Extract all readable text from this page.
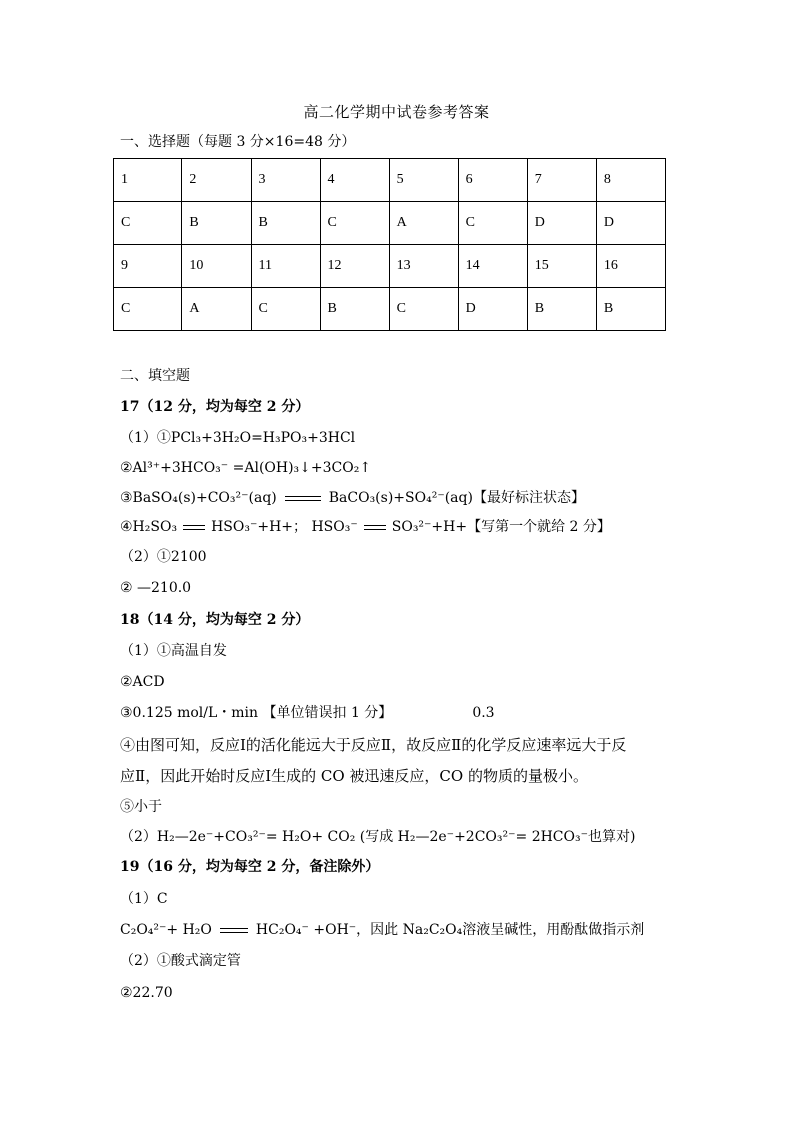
高二化学期中试卷参考答案
一、选择题（每题 3 分×16=48 分）
1	2	3	4	5	6	7	8
C	B	B	C	A	C	D	D
9	10	11	12	13	14	15	16
C	A	C	B	C	D	B	B
二、填空题
17（12 分，均为每空 2 分）
（1）①PCl₃+3H₂O=H₃PO₃+3HCl
②Al³⁺+3HCO₃⁻ =Al(OH)₃↓+3CO₂↑
③BaSO₄(s)+CO₃²⁻(aq)	BaCO₃(s)+SO₄²⁻(aq)【最好标注状态】
④H₂SO₃ HSO₃⁻+H+； HSO₃⁻ SO₃²⁻+H+【写第一个就给 2 分】
（2）①2100
② —210.0
18（14 分，均为每空 2 分）
（1）①高温自发
②ACD
③0.125 mol/L・min 【单位错误扣 1 分】	0.3
④由图可知，反应Ⅰ的活化能远大于反应Ⅱ，故反应Ⅱ的化学反应速率远大于反
应Ⅱ，因此开始时反应Ⅰ生成的 CO 被迅速反应，CO 的物质的量极小。
⑤小于
（2）H₂—2e⁻+CO₃²⁻= H₂O+ CO₂ (写成 H₂—2e⁻+2CO₃²⁻= 2HCO₃⁻也算对)
19（16 分，均为每空 2 分，备注除外）
（1）C
C₂O₄²⁻+ H₂O	HC₂O₄⁻ +OH⁻，因此 Na₂C₂O₄溶液呈碱性，用酚酞做指示剂
（2）①酸式滴定管
②22.70
